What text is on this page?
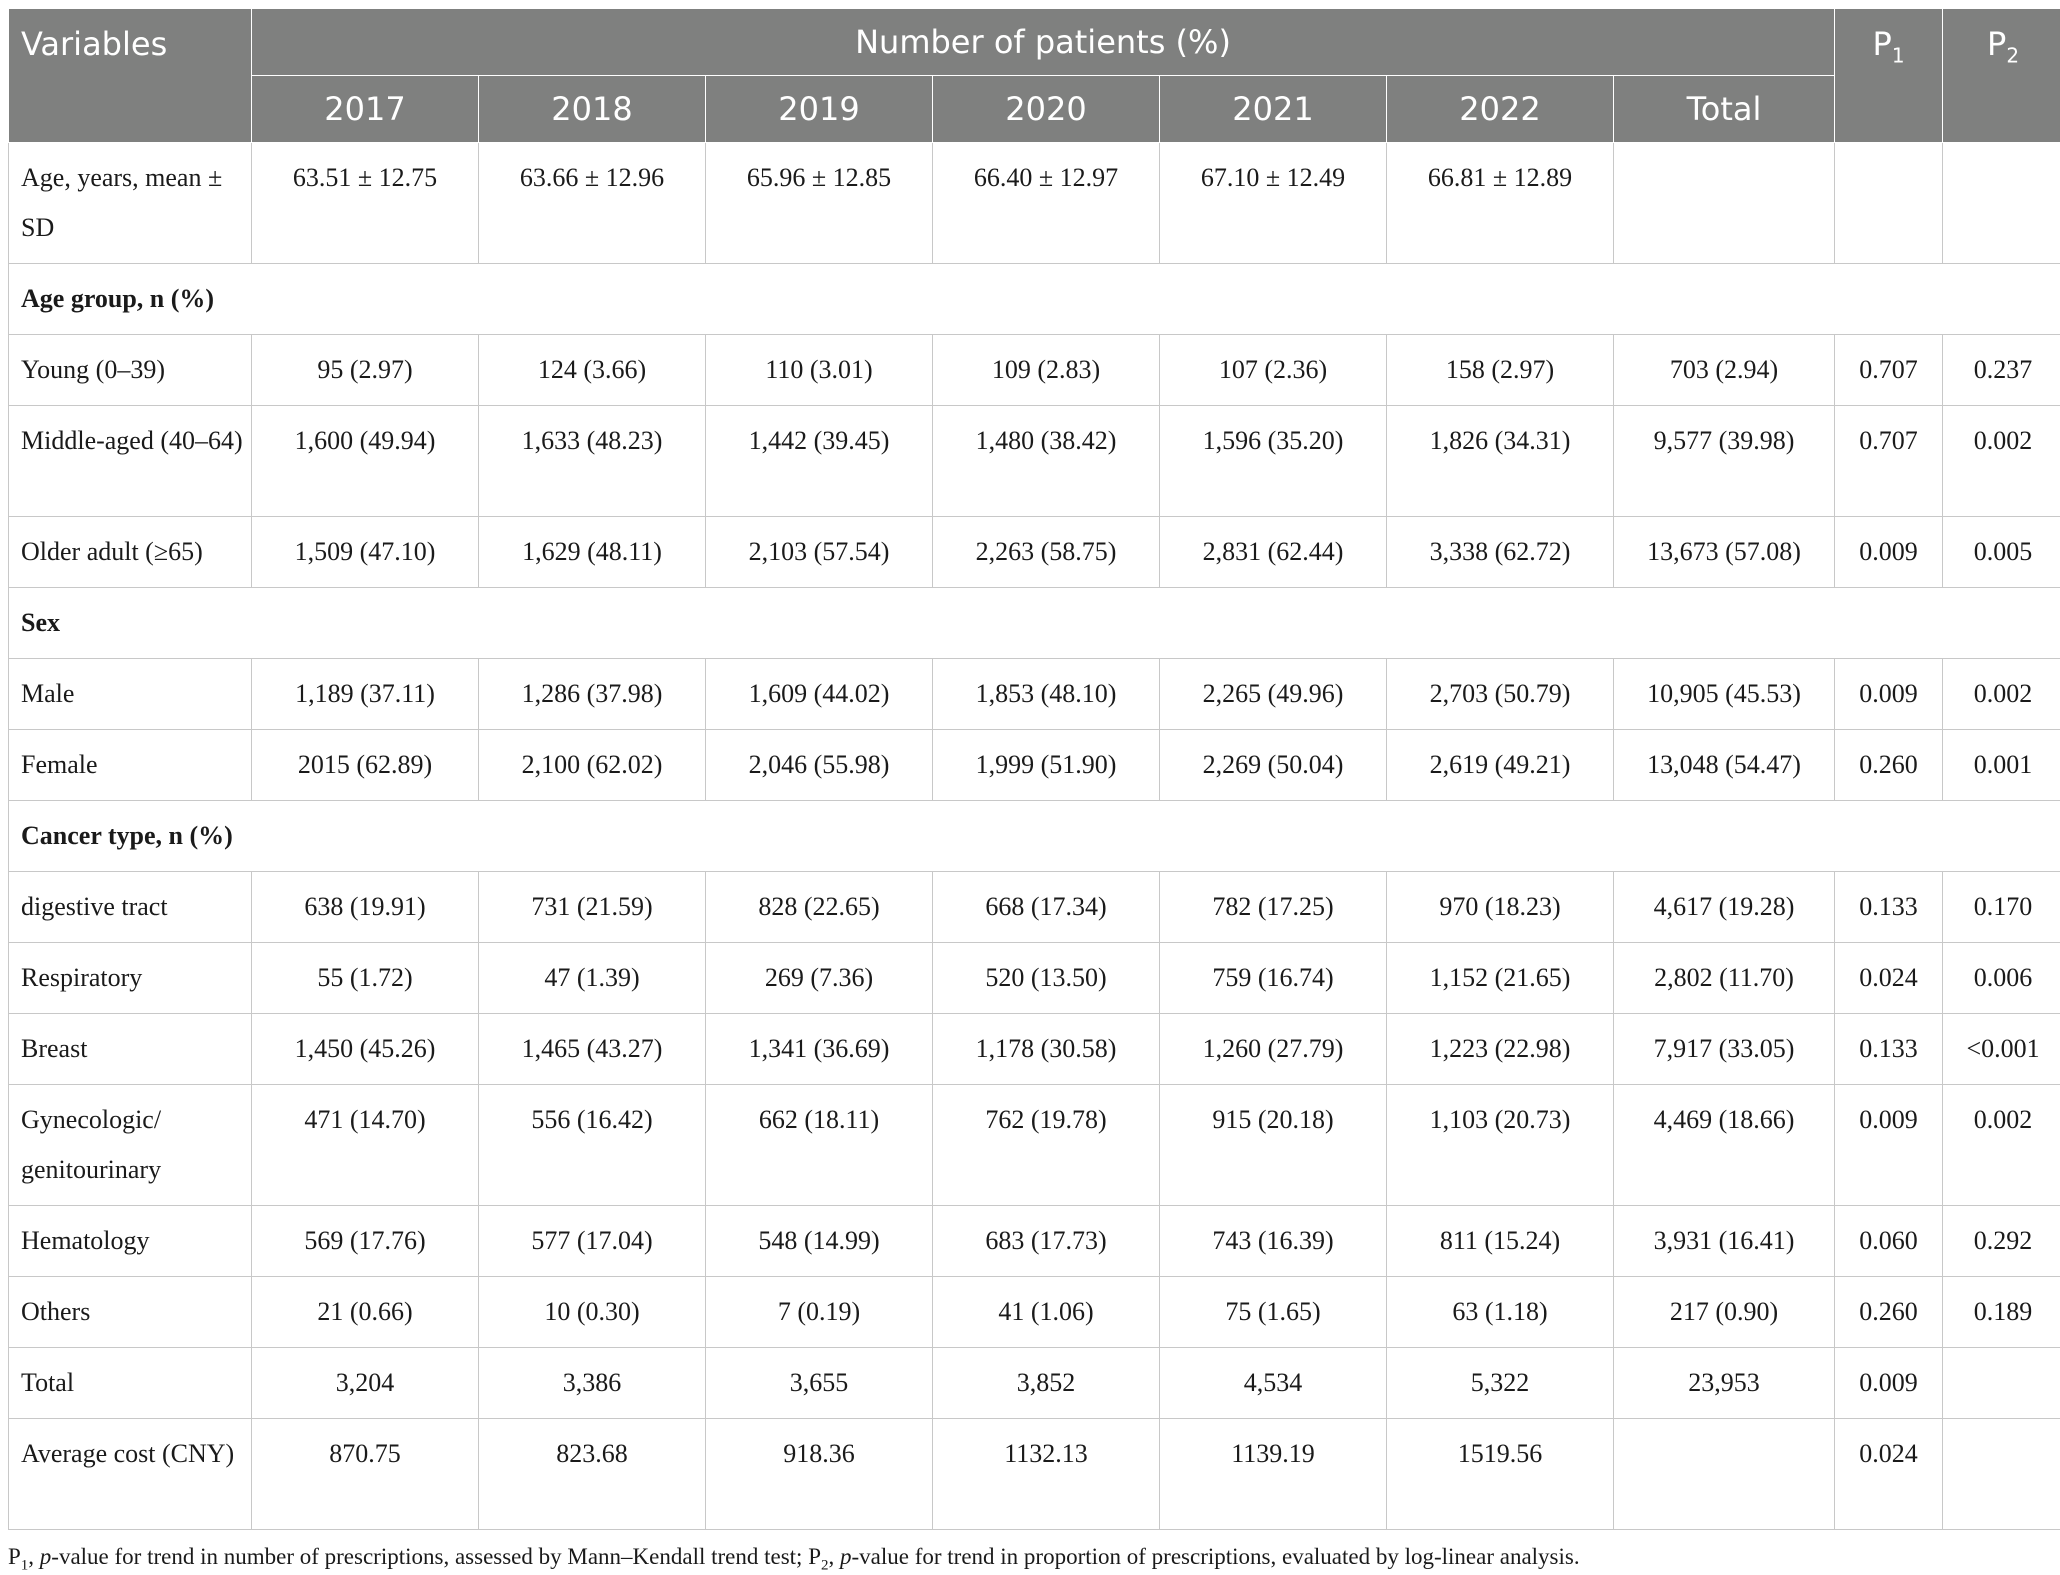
Variables	Number of patients (%)							$P_1$	$P_2$
	2017	2018	2019	2020	2021	2022	Total		
Age, years, mean ± SD	63.51 ± 12.75	63.66 ± 12.96	65.96 ± 12.85	66.40 ± 12.97	67.10 ± 12.49	66.81 ± 12.89			
Age group, n (%)									
Young (0–39)	95 (2.97)	124 (3.66)	110 (3.01)	109 (2.83)	107 (2.36)	158 (2.97)	703 (2.94)	0.707	0.237
Middle-aged (40–64)	1,600 (49.94)	1,633 (48.23)	1,442 (39.45)	1,480 (38.42)	1,596 (35.20)	1,826 (34.31)	9,577 (39.98)	0.707	0.002
Older adult (≥65)	1,509 (47.10)	1,629 (48.11)	2,103 (57.54)	2,263 (58.75)	2,831 (62.44)	3,338 (62.72)	13,673 (57.08)	0.009	0.005
Sex									
Male	1,189 (37.11)	1,286 (37.98)	1,609 (44.02)	1,853 (48.10)	2,265 (49.96)	2,703 (50.79)	10,905 (45.53)	0.009	0.002
Female	2015 (62.89)	2,100 (62.02)	2,046 (55.98)	1,999 (51.90)	2,269 (50.04)	2,619 (49.21)	13,048 (54.47)	0.260	0.001
Cancer type, n (%)									
digestive tract	638 (19.91)	731 (21.59)	828 (22.65)	668 (17.34)	782 (17.25)	970 (18.23)	4,617 (19.28)	0.133	0.170
Respiratory	55 (1.72)	47 (1.39)	269 (7.36)	520 (13.50)	759 (16.74)	1,152 (21.65)	2,802 (11.70)	0.024	0.006
Breast	1,450 (45.26)	1,465 (43.27)	1,341 (36.69)	1,178 (30.58)	1,260 (27.79)	1,223 (22.98)	7,917 (33.05)	0.133	<0.001
Gynecologic/ genitourinary	471 (14.70)	556 (16.42)	662 (18.11)	762 (19.78)	915 (20.18)	1,103 (20.73)	4,469 (18.66)	0.009	0.002
Hematology	569 (17.76)	577 (17.04)	548 (14.99)	683 (17.73)	743 (16.39)	811 (15.24)	3,931 (16.41)	0.060	0.292
Others	21 (0.66)	10 (0.30)	7 (0.19)	41 (1.06)	75 (1.65)	63 (1.18)	217 (0.90)	0.260	0.189
Total	3,204	3,386	3,655	3,852	4,534	5,322	23,953	0.009	
Average cost (CNY)	870.75	823.68	918.36	1132.13	1139.19	1519.56		0.024	
$P_1$, p-value for trend in number of prescriptions, assessed by Mann–Kendall trend test; $P_2$, p-value for trend in proportion of prescriptions, evaluated by log-linear analysis.
